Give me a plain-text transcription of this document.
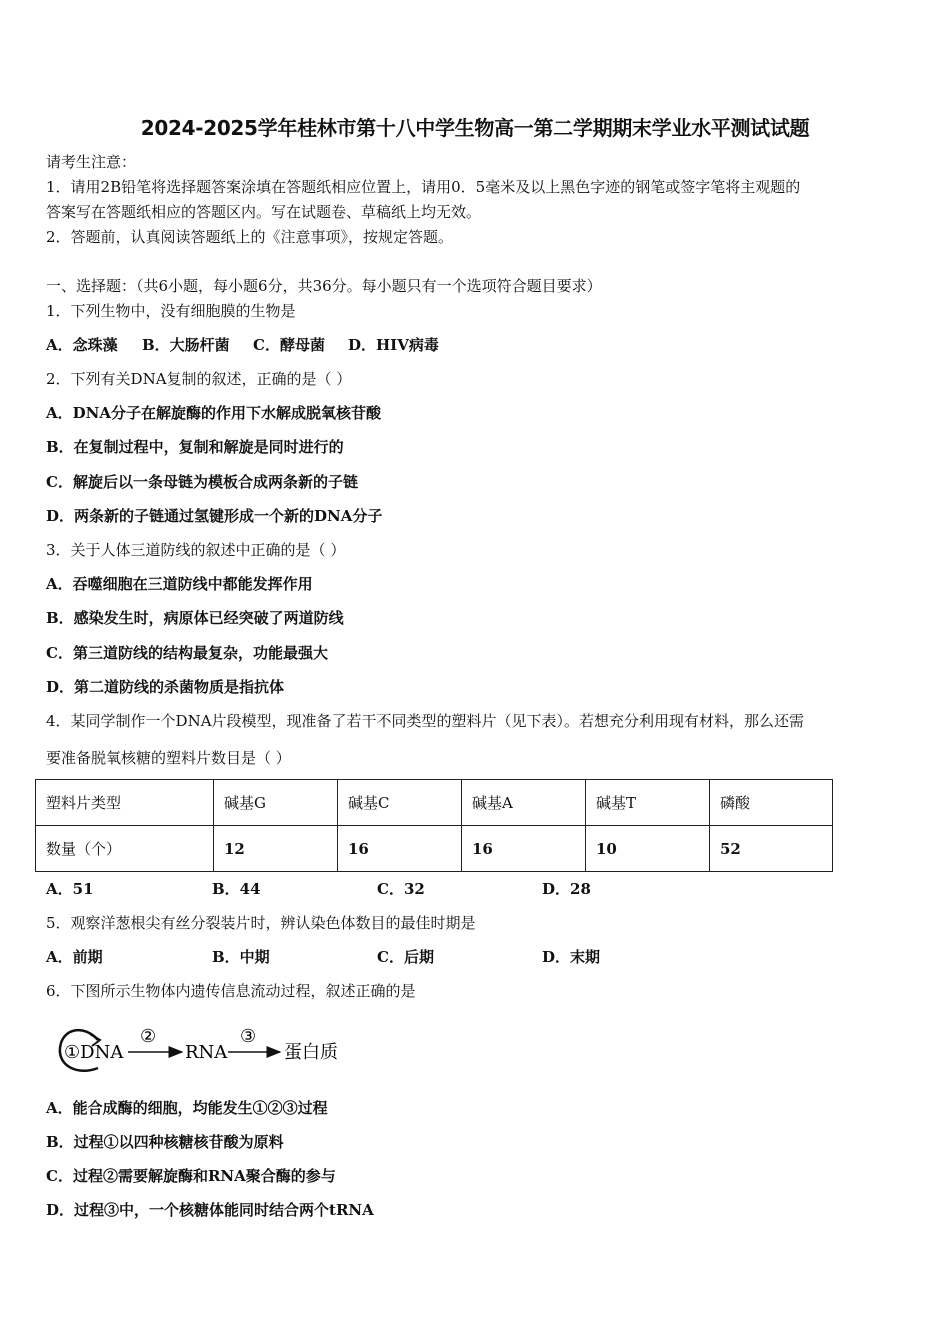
2024-2025学年桂林市第十八中学生物高一第二学期期末学业水平测试试题
请考生注意：
1．请用2B铅笔将选择题答案涂填在答题纸相应位置上，请用0．5毫米及以上黑色字迹的钢笔或签字笔将主观题的
答案写在答题纸相应的答题区内。写在试题卷、草稿纸上均无效。
2．答题前，认真阅读答题纸上的《注意事项》，按规定答题。
一、选择题：（共6小题，每小题6分，共36分。每小题只有一个选项符合题目要求）
1．下列生物中，没有细胞膜的生物是
A．念珠藻 B．大肠杆菌 C．酵母菌 D．HIV病毒
2．下列有关DNA复制的叙述，正确的是（ ）
A．DNA分子在解旋酶的作用下水解成脱氧核苷酸
B．在复制过程中，复制和解旋是同时进行的
C．解旋后以一条母链为模板合成两条新的子链
D．两条新的子链通过氢键形成一个新的DNA分子
3．关于人体三道防线的叙述中正确的是（ ）
A．吞噬细胞在三道防线中都能发挥作用
B．感染发生时，病原体已经突破了两道防线
C．第三道防线的结构最复杂，功能最强大
D．第二道防线的杀菌物质是指抗体
4．某同学制作一个DNA片段模型，现准备了若干不同类型的塑料片（见下表）。若想充分利用现有材料，那么还需
要准备脱氧核糖的塑料片数目是（ ）
塑料片类型	碱基G	碱基C	碱基A	碱基T	磷酸
数量（个）	12	16	16	10	52
A．51	B．44	C．32	D．28
5．观察洋葱根尖有丝分裂装片时，辨认染色体数目的最佳时期是
A．前期	B．中期	C．后期	D．末期
6．下图所示生物体内遗传信息流动过程，叙述正确的是
①DNA
②
RNA
③
蛋白质
A．能合成酶的细胞，均能发生①②③过程
B．过程①以四种核糖核苷酸为原料
C．过程②需要解旋酶和RNA聚合酶的参与
D．过程③中，一个核糖体能同时结合两个tRNA
